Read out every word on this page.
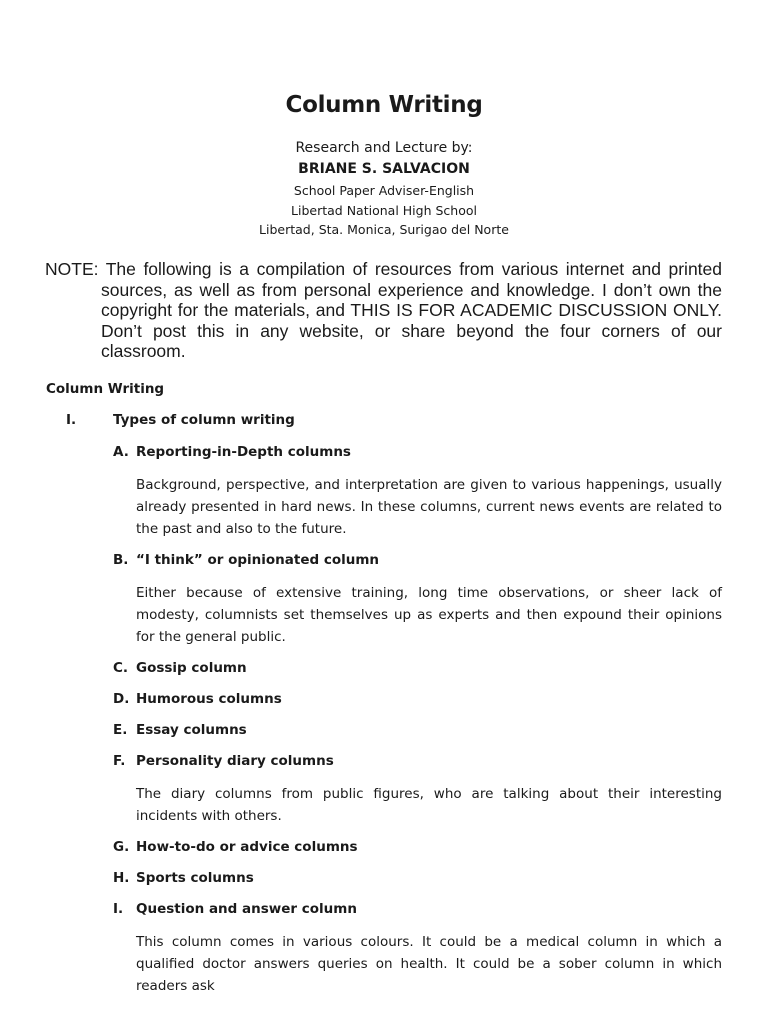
Column Writing
Research and Lecture by:
BRIANE S. SALVACION
School Paper Adviser-English
Libertad National High School
Libertad, Sta. Monica, Surigao del Norte
NOTE: The following is a compilation of resources from various internet and printed sources, as well as from personal experience and knowledge. I don’t own the copyright for the materials, and THIS IS FOR ACADEMIC DISCUSSION ONLY. Don’t post this in any website, or share beyond the four corners of our classroom.
Column Writing
I.	Types of column writing
A. Reporting-in-Depth columns
Background, perspective, and interpretation are given to various happenings, usually already presented in hard news. In these columns, current news events are related to the past and also to the future.
B. “I think” or opinionated column
Either because of extensive training, long time observations, or sheer lack of modesty, columnists set themselves up as experts and then expound their opinions for the general public.
C. Gossip column
D. Humorous columns
E. Essay columns
F. Personality diary columns
The diary columns from public figures, who are talking about their interesting incidents with others.
G. How-to-do or advice columns
H. Sports columns
I. Question and answer column
This column comes in various colours. It could be a medical column in which a qualified doctor answers queries on health. It could be a sober column in which readers ask
